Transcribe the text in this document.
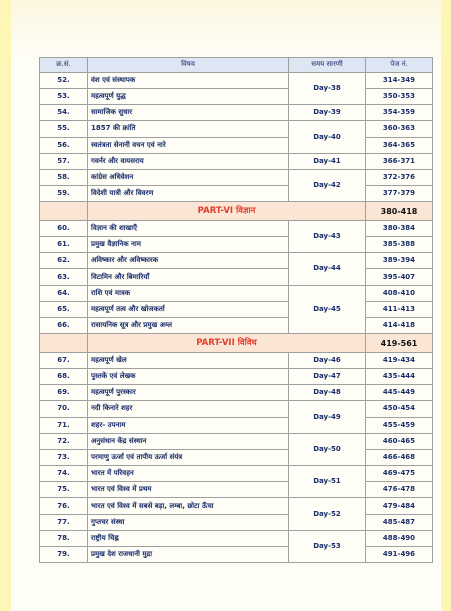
क्र.सं.	विषय	समय सारणी	पेज नं.
52.	वंश एवं संस्थापक	Day-38	314-349
53.	महत्वपूर्ण युद्ध		350-353
54.	सामाजिक सुधार	Day-39	354-359
55.	1857 की क्रांति	Day-40	360-363
56.	स्वतंत्रता सेनानी वचन एवं नारे		364-365
57.	गवर्नर और वायसराय	Day-41	366-371
58.	कांग्रेस अधिवेशन	Day-42	372-376
59.	विदेशी यात्री और विवरण		377-379
	PART-VI विज्ञान		380-418
60.	विज्ञान की शाखाएँ	Day-43	380-384
61.	प्रमुख वैज्ञानिक नाम		385-388
62.	अविष्कार और अविष्कारक	Day-44	389-394
63.	विटामिन और बिमारियाँ		395-407
64.	राशि एवं मात्रक	Day-45	408-410
65.	महत्वपूर्ण तत्व और खोजकर्ता		411-413
66.	रासायनिक सूत्र और प्रमुख अम्ल		414-418
	PART-VII विविध		419-561
67.	महत्वपूर्ण खेल	Day-46	419-434
68.	पुस्तकें एवं लेखक	Day-47	435-444
69.	महत्वपूर्ण पुरस्कार	Day-48	445-449
70.	नदी किनारे शहर	Day-49	450-454
71.	शहर- उपनाम		455-459
72.	अनुसंधान केंद्र संस्थान	Day-50	460-465
73.	परमाणु ऊर्जा एवं तापीय ऊर्जा संयंत्र		466-468
74.	भारत में परिवहन	Day-51	469-475
75.	भारत एवं विश्व में प्रथम		476-478
76.	भारत एवं विश्व में सबसे बड़ा, लम्बा, छोटा ऊँचा	Day-52	479-484
77.	गुप्तचर संस्था		485-487
78.	राष्ट्रीय चिह्न	Day-53	488-490
79.	प्रमुख देश राजधानी मुद्रा		491-496
